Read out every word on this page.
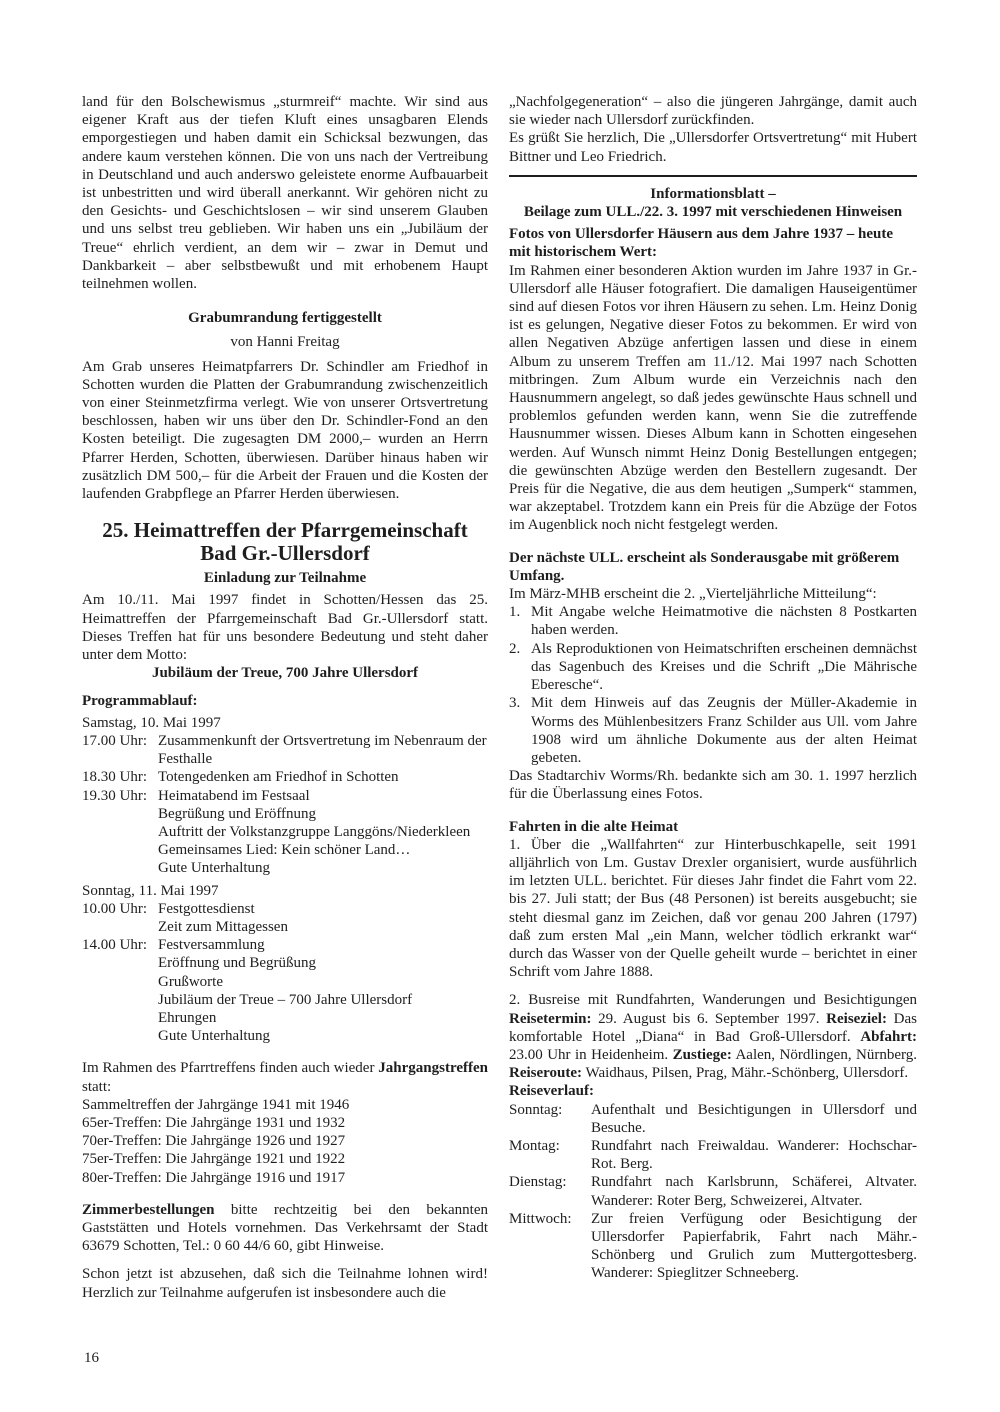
land für den Bolschewismus „sturmreif“ machte. Wir sind aus eigener Kraft aus der tiefen Kluft eines unsagbaren Elends emporgestiegen und haben damit ein Schicksal bezwungen, das andere kaum verstehen können. Die von uns nach der Vertreibung in Deutschland und auch anderswo geleistete enorme Aufbauarbeit ist unbestritten und wird überall anerkannt. Wir gehören nicht zu den Gesichts- und Geschichtslosen – wir sind unserem Glauben und uns selbst treu geblieben. Wir haben uns ein „Jubiläum der Treue“ ehrlich verdient, an dem wir – zwar in Demut und Dankbarkeit – aber selbstbewußt und mit erhobenem Haupt teilnehmen wollen.

Grabumrandung fertiggestellt

von Hanni Freitag

Am Grab unseres Heimatpfarrers Dr. Schindler am Friedhof in Schotten wurden die Platten der Grabumrandung zwischenzeitlich von einer Steinmetzfirma verlegt. Wie von unserer Ortsvertretung beschlossen, haben wir uns über den Dr. Schindler-Fond an den Kosten beteiligt. Die zugesagten DM 2000,– wurden an Herrn Pfarrer Herden, Schotten, überwiesen. Darüber hinaus haben wir zusätzlich DM 500,– für die Arbeit der Frauen und die Kosten der laufenden Grabpflege an Pfarrer Herden überwiesen.

25. Heimattreffen der Pfarrgemeinschaft

Bad Gr.-Ullersdorf

Einladung zur Teilnahme

Am 10./11. Mai 1997 findet in Schotten/Hessen das 25. Heimattreffen der Pfarrgemeinschaft Bad Gr.-Ullersdorf statt. Dieses Treffen hat für uns besondere Bedeutung und steht daher unter dem Motto:

Jubiläum der Treue, 700 Jahre Ullersdorf

Programmablauf:

Samstag, 10. Mai 1997

17.00 Uhr: Zusammenkunft der Ortsvertretung im Nebenraum der Festhalle

18.30 Uhr: Totengedenken am Friedhof in Schotten

19.30 Uhr: Heimatabend im Festsaal

Begrüßung und Eröffnung

Auftritt der Volkstanzgruppe Langgöns/Niederkleen

Gemeinsames Lied: Kein schöner Land…

Gute Unterhaltung

Sonntag, 11. Mai 1997

10.00 Uhr: Festgottesdienst

Zeit zum Mittagessen

14.00 Uhr: Festversammlung

Eröffnung und Begrüßung

Grußworte

Jubiläum der Treue – 700 Jahre Ullersdorf

Ehrungen

Gute Unterhaltung

Im Rahmen des Pfarrtreffens finden auch wieder Jahrgangstreffen statt:

Sammeltreffen der Jahrgänge 1941 mit 1946

65er-Treffen: Die Jahrgänge 1931 und 1932

70er-Treffen: Die Jahrgänge 1926 und 1927

75er-Treffen: Die Jahrgänge 1921 und 1922

80er-Treffen: Die Jahrgänge 1916 und 1917

Zimmerbestellungen bitte rechtzeitig bei den bekannten Gaststätten und Hotels vornehmen. Das Verkehrsamt der Stadt 63679 Schotten, Tel.: 0 60 44/6 60, gibt Hinweise.

Schon jetzt ist abzusehen, daß sich die Teilnahme lohnen wird! Herzlich zur Teilnahme aufgerufen ist insbesondere auch die

„Nachfolgegeneration“ – also die jüngeren Jahrgänge, damit auch sie wieder nach Ullersdorf zurückfinden.

Es grüßt Sie herzlich, Die „Ullersdorfer Ortsvertretung“ mit Hubert Bittner und Leo Friedrich.

Informationsblatt –

Beilage zum ULL./22. 3. 1997 mit verschiedenen Hinweisen

Fotos von Ullersdorfer Häusern aus dem Jahre 1937 – heute mit historischem Wert:

Im Rahmen einer besonderen Aktion wurden im Jahre 1937 in Gr.-Ullersdorf alle Häuser fotografiert. Die damaligen Hauseigentümer sind auf diesen Fotos vor ihren Häusern zu sehen. Lm. Heinz Donig ist es gelungen, Negative dieser Fotos zu bekommen. Er wird von allen Negativen Abzüge anfertigen lassen und diese in einem Album zu unserem Treffen am 11./12. Mai 1997 nach Schotten mitbringen. Zum Album wurde ein Verzeichnis nach den Hausnummern angelegt, so daß jedes gewünschte Haus schnell und problemlos gefunden werden kann, wenn Sie die zutreffende Hausnummer wissen. Dieses Album kann in Schotten eingesehen werden. Auf Wunsch nimmt Heinz Donig Bestellungen entgegen; die gewünschten Abzüge werden den Bestellern zugesandt. Der Preis für die Negative, die aus dem heutigen „Sumperk“ stammen, war akzeptabel. Trotzdem kann ein Preis für die Abzüge der Fotos im Augenblick noch nicht festgelegt werden.

Der nächste ULL. erscheint als Sonderausgabe mit größerem Umfang.

Im März-MHB erscheint die 2. „Vierteljährliche Mitteilung“:

1. Mit Angabe welche Heimatmotive die nächsten 8 Postkarten haben werden.
2. Als Reproduktionen von Heimatschriften erscheinen demnächst das Sagenbuch des Kreises und die Schrift „Die Mährische Eberesche“.
3. Mit dem Hinweis auf das Zeugnis der Müller-Akademie in Worms des Mühlenbesitzers Franz Schilder aus Ull. vom Jahre 1908 wird um ähnliche Dokumente aus der alten Heimat gebeten.

Das Stadtarchiv Worms/Rh. bedankte sich am 30. 1. 1997 herzlich für die Überlassung eines Fotos.

Fahrten in die alte Heimat

1. Über die „Wallfahrten“ zur Hinterbuschkapelle, seit 1991 alljährlich von Lm. Gustav Drexler organisiert, wurde ausführlich im letzten ULL. berichtet. Für dieses Jahr findet die Fahrt vom 22. bis 27. Juli statt; der Bus (48 Personen) ist bereits ausgebucht; sie steht diesmal ganz im Zeichen, daß vor genau 200 Jahren (1797) daß zum ersten Mal „ein Mann, welcher tödlich erkrankt war“ durch das Wasser von der Quelle geheilt wurde – berichtet in einer Schrift vom Jahre 1888.

2. Busreise mit Rundfahrten, Wanderungen und Besichtigungen Reisetermin: 29. August bis 6. September 1997. Reiseziel: Das komfortable Hotel „Diana“ in Bad Groß-Ullersdorf. Abfahrt: 23.00 Uhr in Heidenheim. Zustiege: Aalen, Nördlingen, Nürnberg. Reiseroute: Waidhaus, Pilsen, Prag, Mähr.-Schönberg, Ullersdorf.

Reiseverlauf:

Sonntag:	Aufenthalt und Besichtigungen in Ullersdorf und Besuche.
Montag:	Rundfahrt nach Freiwaldau. Wanderer: Hochschar-Rot. Berg.
Dienstag:	Rundfahrt nach Karlsbrunn, Schäferei, Altvater. Wanderer: Roter Berg, Schweizerei, Altvater.
Mittwoch:	Zur freien Verfügung oder Besichtigung der Ullersdorfer Papierfabrik, Fahrt nach Mähr.-Schönberg und Grulich zum Muttergottesberg. Wanderer: Spieglitzer Schneeberg.
16
